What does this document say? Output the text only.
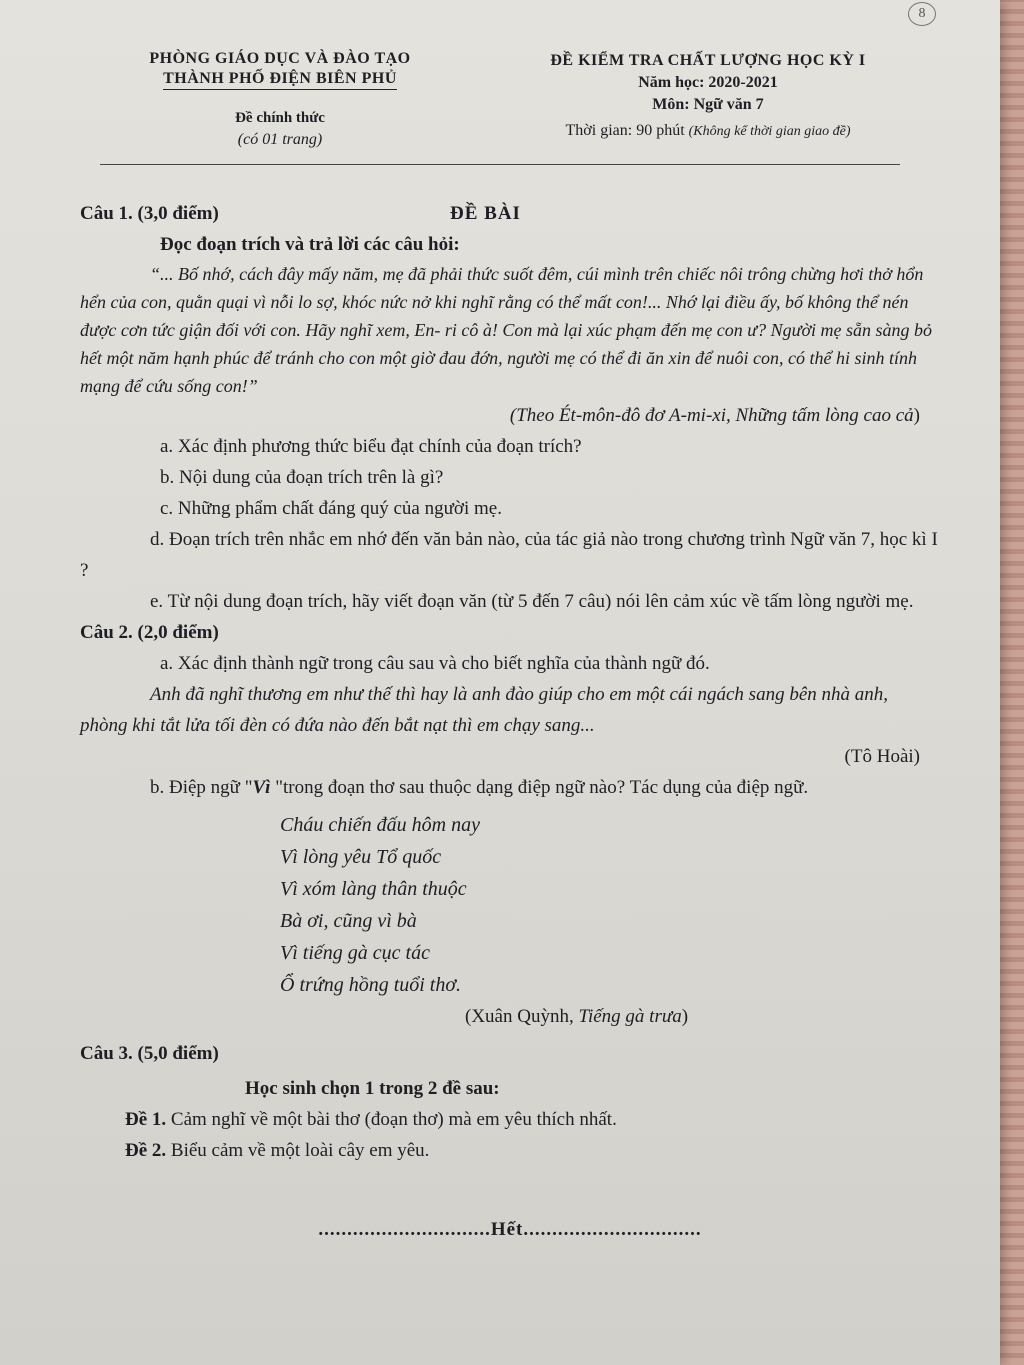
8
PHÒNG GIÁO DỤC VÀ ĐÀO TẠO
THÀNH PHỐ ĐIỆN BIÊN PHỦ
Đề chính thức
(có 01 trang)
ĐỀ KIỂM TRA CHẤT LƯỢNG HỌC KỲ I
Năm học: 2020-2021
Môn: Ngữ văn 7
Thời gian: 90 phút (Không kể thời gian giao đề)
Câu 1. (3,0 điểm)	ĐỀ BÀI
Đọc đoạn trích và trả lời các câu hỏi:
“... Bố nhớ, cách đây mấy năm, mẹ đã phải thức suốt đêm, cúi mình trên chiếc nôi trông chừng hơi thở hổn hển của con, quằn quại vì nỗi lo sợ, khóc nức nở khi nghĩ rằng có thể mất con!... Nhớ lại điều ấy, bố không thể nén được cơn tức giận đối với con. Hãy nghĩ xem, En- ri cô à! Con mà lại xúc phạm đến mẹ con ư? Người mẹ sẵn sàng bỏ hết một năm hạnh phúc để tránh cho con một giờ đau đớn, người mẹ có thể đi ăn xin để nuôi con, có thể hi sinh tính mạng để cứu sống con!”
(Theo Ét-môn-đô đơ A-mi-xi, Những tấm lòng cao cả)
a. Xác định phương thức biểu đạt chính của đoạn trích?
b. Nội dung của đoạn trích trên là gì?
c. Những phẩm chất đáng quý của người mẹ.
d. Đoạn trích trên nhắc em nhớ đến văn bản nào, của tác giả nào trong chương trình Ngữ văn 7, học kì I ?
e. Từ nội dung đoạn trích, hãy viết đoạn văn (từ 5 đến 7 câu) nói lên cảm xúc về tấm lòng người mẹ.
Câu 2. (2,0 điểm)
a. Xác định thành ngữ trong câu sau và cho biết nghĩa của thành ngữ đó.
Anh đã nghĩ thương em như thế thì hay là anh đào giúp cho em một cái ngách sang bên nhà anh, phòng khi tắt lửa tối đèn có đứa nào đến bắt nạt thì em chạy sang...
(Tô Hoài)
b. Điệp ngữ "Vì "trong đoạn thơ sau thuộc dạng điệp ngữ nào? Tác dụng của điệp ngữ.
Cháu chiến đấu hôm nay
Vì lòng yêu Tổ quốc
Vì xóm làng thân thuộc
Bà ơi, cũng vì bà
Vì tiếng gà cục tác
Ổ trứng hồng tuổi thơ.
(Xuân Quỳnh, Tiếng gà trưa)
Câu 3. (5,0 điểm)
Học sinh chọn 1 trong 2 đề sau:
Đề 1. Cảm nghĩ về một bài thơ (đoạn thơ) mà em yêu thích nhất.
Đề 2. Biểu cảm về một loài cây em yêu.
..............................Hết...............................
